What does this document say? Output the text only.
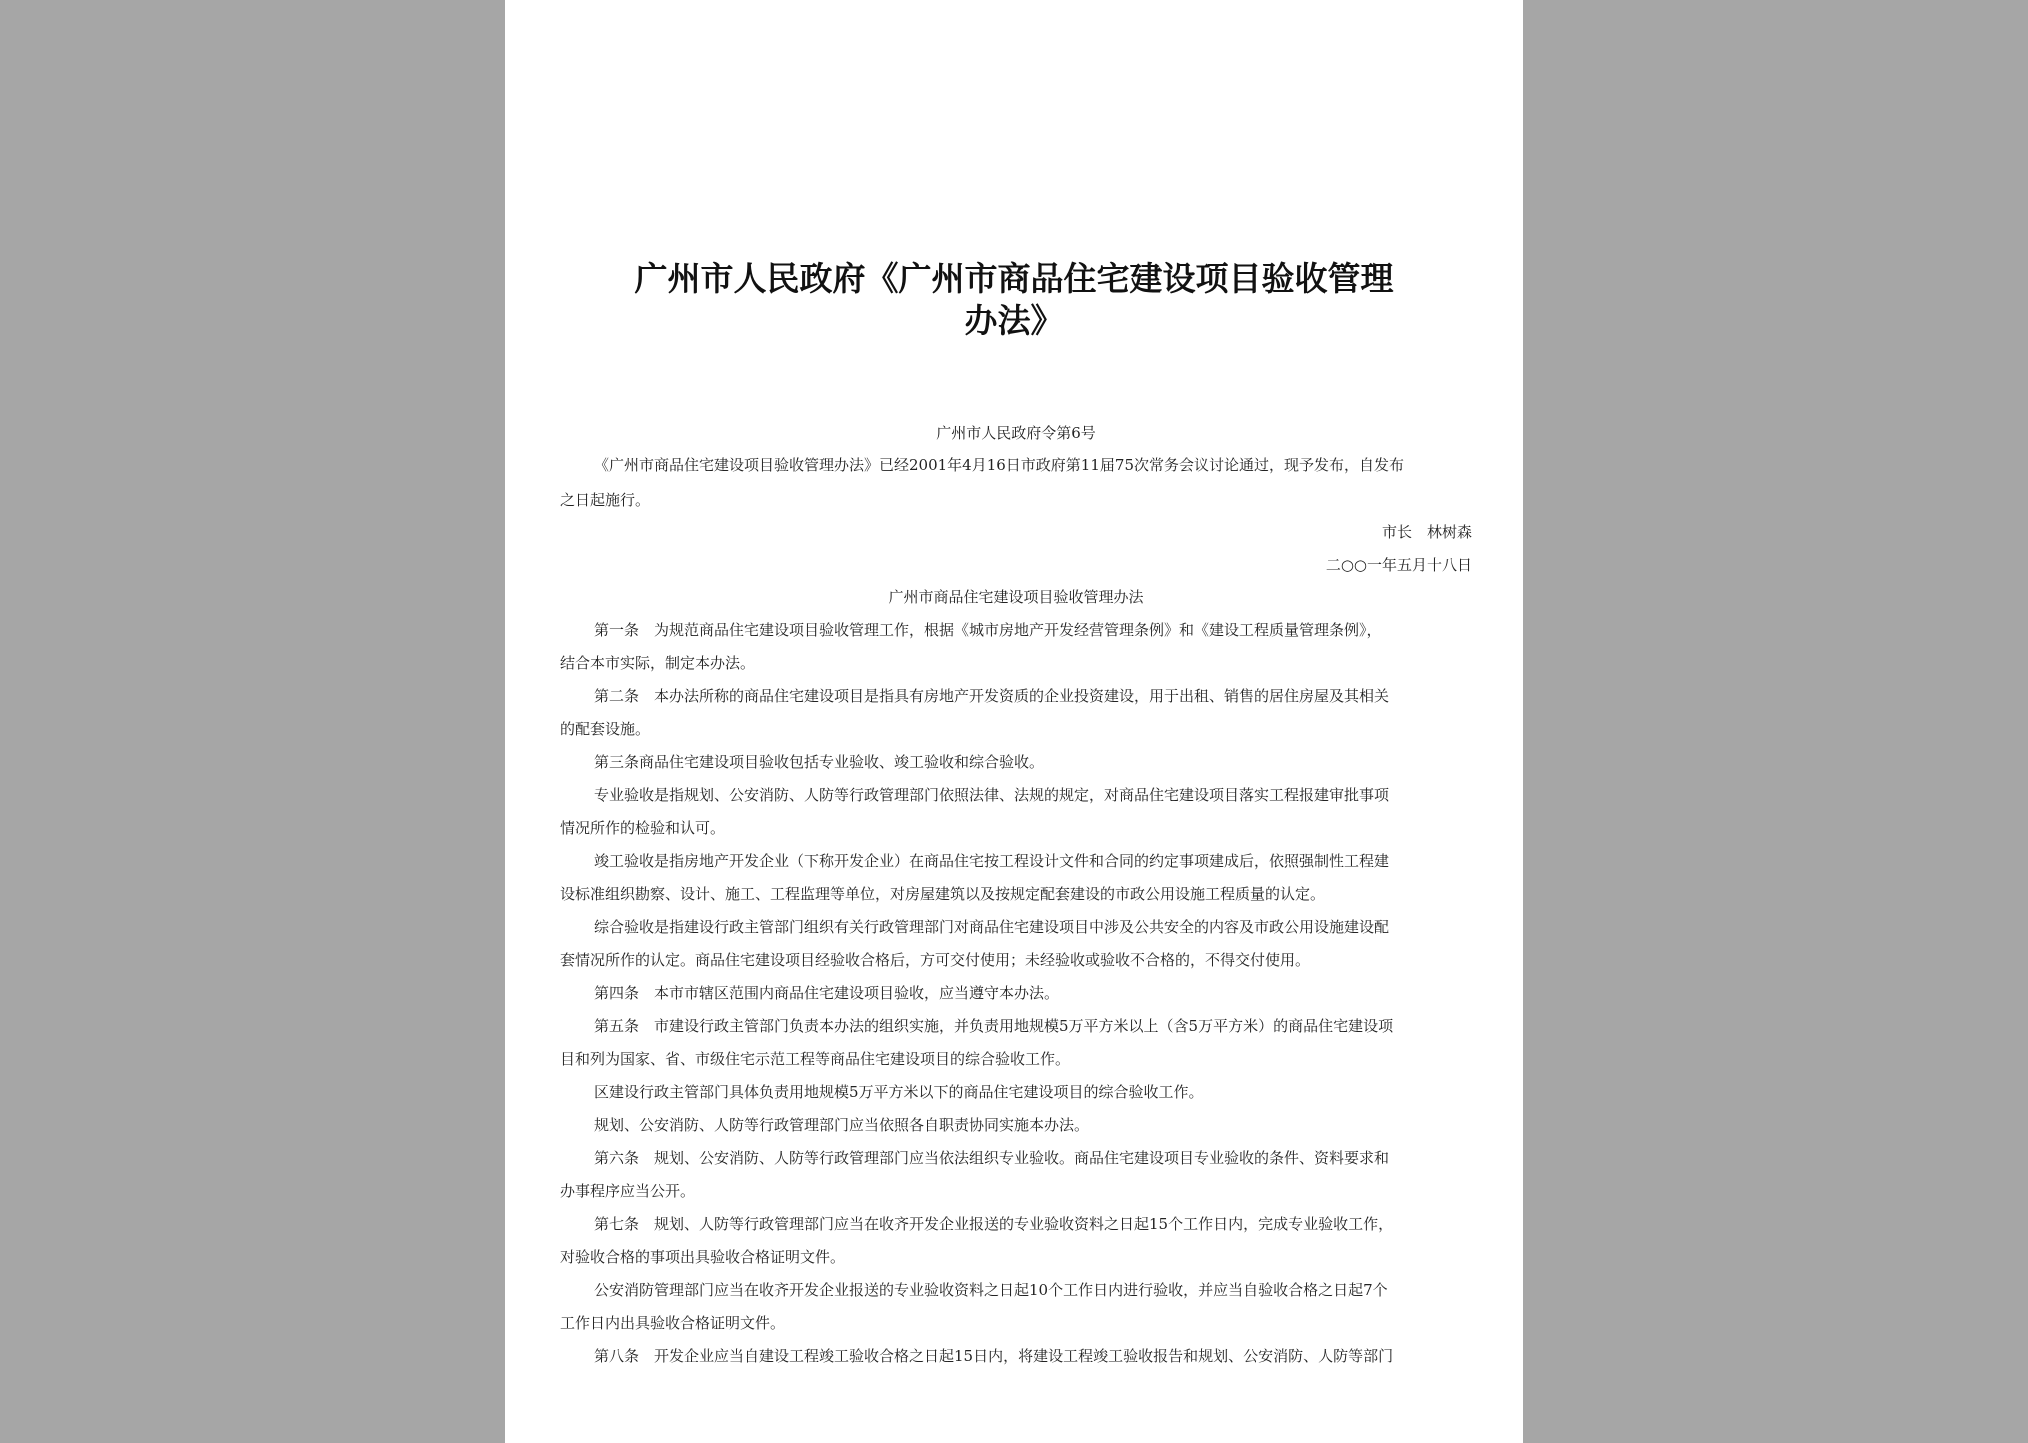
广州市人民政府《广州市商品住宅建设项目验收管理
办法》
广州市人民政府令第6号
《广州市商品住宅建设项目验收管理办法》已经2001年4月16日市政府第11届75次常务会议讨论通过，现予发布，自发布
之日起施行。
市长　林树森
二○○一年五月十八日
广州市商品住宅建设项目验收管理办法
第一条　为规范商品住宅建设项目验收管理工作，根据《城市房地产开发经营管理条例》和《建设工程质量管理条例》，
结合本市实际，制定本办法。
第二条　本办法所称的商品住宅建设项目是指具有房地产开发资质的企业投资建设，用于出租、销售的居住房屋及其相关
的配套设施。
第三条商品住宅建设项目验收包括专业验收、竣工验收和综合验收。
专业验收是指规划、公安消防、人防等行政管理部门依照法律、法规的规定，对商品住宅建设项目落实工程报建审批事项
情况所作的检验和认可。
竣工验收是指房地产开发企业（下称开发企业）在商品住宅按工程设计文件和合同的约定事项建成后，依照强制性工程建
设标准组织勘察、设计、施工、工程监理等单位，对房屋建筑以及按规定配套建设的市政公用设施工程质量的认定。
综合验收是指建设行政主管部门组织有关行政管理部门对商品住宅建设项目中涉及公共安全的内容及市政公用设施建设配
套情况所作的认定。商品住宅建设项目经验收合格后，方可交付使用；未经验收或验收不合格的，不得交付使用。
第四条　本市市辖区范围内商品住宅建设项目验收，应当遵守本办法。
第五条　市建设行政主管部门负责本办法的组织实施，并负责用地规模5万平方米以上（含5万平方米）的商品住宅建设项
目和列为国家、省、市级住宅示范工程等商品住宅建设项目的综合验收工作。
区建设行政主管部门具体负责用地规模5万平方米以下的商品住宅建设项目的综合验收工作。
规划、公安消防、人防等行政管理部门应当依照各自职责协同实施本办法。
第六条　规划、公安消防、人防等行政管理部门应当依法组织专业验收。商品住宅建设项目专业验收的条件、资料要求和
办事程序应当公开。
第七条　规划、人防等行政管理部门应当在收齐开发企业报送的专业验收资料之日起15个工作日内，完成专业验收工作，
对验收合格的事项出具验收合格证明文件。
公安消防管理部门应当在收齐开发企业报送的专业验收资料之日起10个工作日内进行验收，并应当自验收合格之日起7个
工作日内出具验收合格证明文件。
第八条　开发企业应当自建设工程竣工验收合格之日起15日内，将建设工程竣工验收报告和规划、公安消防、人防等部门
